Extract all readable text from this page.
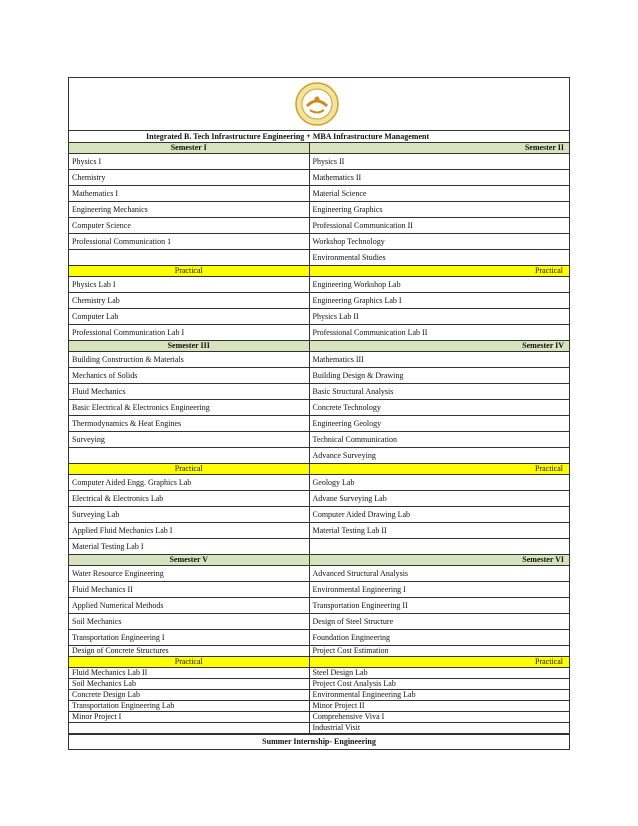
Integrated B. Tech Infrastructure Engineering + MBA Infrastructure Management
Semester I	Semester II
Physics I	Physics II
Chemistry	Mathematics II
Mathematics I	Material Science
Engineering Mechanics	Engineering Graphics
Computer Science	Professional Communication II
Professional Communication 1	Workshop Technology
	Environmental Studies
Practical	Practical
Physics Lab I	Engineering Workshop Lab
Chemistry Lab	Engineering Graphics Lab I
Computer Lab	Physics Lab II
Professional Communication Lab I	Professional Communication Lab II
Semester III	Semester IV
Building Construction & Materials	Mathematics III
Mechanics of Solids	Building Design & Drawing
Fluid Mechanics	Basic Structural Analysis
Basic Electrical & Electronics Engineering	Concrete Technology
Thermodynamics & Heat Engines	Engineering Geology
Surveying	Technical Communication
	Advance Surveying
Practical	Practical
Computer Aided Engg. Graphics Lab	Geology Lab
Electrical & Electronics Lab	Advane Surveying Lab
Surveying Lab	Computer Aided Drawing Lab
Applied Fluid Mechanics Lab I	Material Testing Lab II
Material Testing Lab I	
Semester V	Semester VI
Water Resource Engineering	Advanced Structural Analysis
Fluid Mechanics II	Environmental Engineering I
Applied Numerical Methods	Transportation Engineering II
Soil Mechanics	Design of Steel Structure
Transportation Engineering I	Foundation Engineering
Design of Concrete Structures	Project Cost Estimation
Practical	Practical
Fluid Mechanics Lab II	Steel Design Lab
Soil Mechanics Lab	Project Cost Analysis Lab
Concrete Design Lab	Environmental Engineering Lab
Transportation Engineering Lab	Minor Project II
Minor Project I	Comprehensive Viva I
	Industrial Visit
Summer Internship- Engineering
